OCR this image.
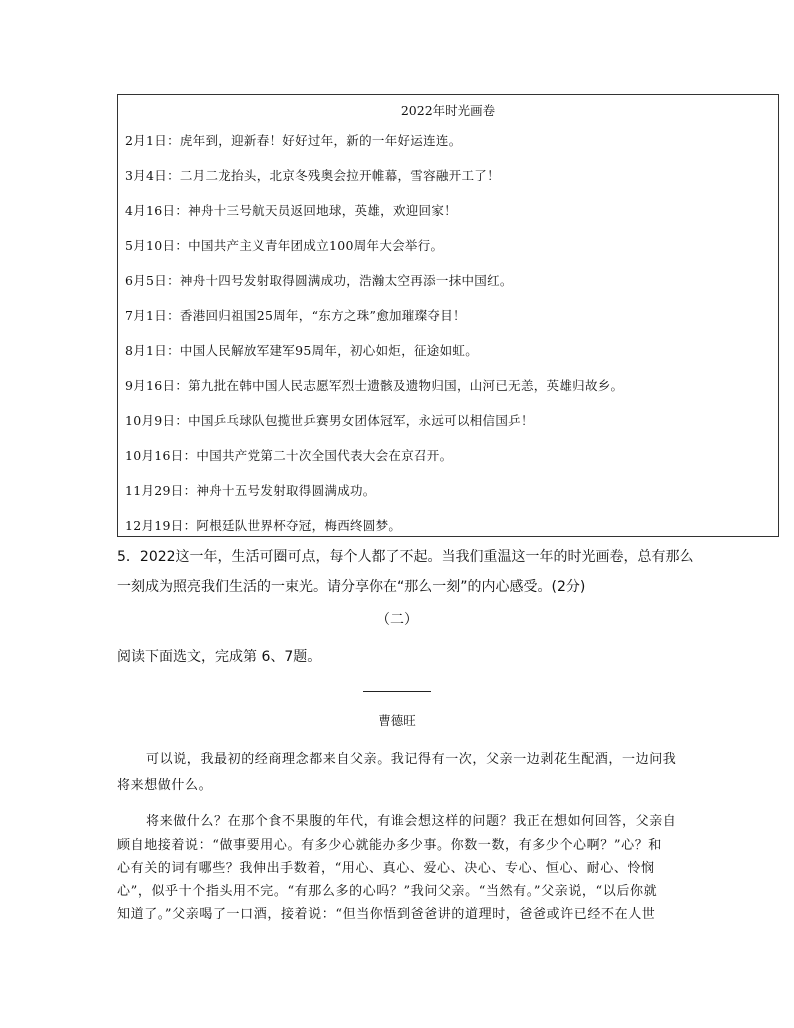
2022年时光画卷
2月1日：虎年到，迎新春！好好过年，新的一年好运连连。
3月4日：二月二龙抬头，北京冬残奥会拉开帷幕，雪容融开工了！
4月16日：神舟十三号航天员返回地球，英雄，欢迎回家！
5月10日：中国共产主义青年团成立100周年大会举行。
6月5日：神舟十四号发射取得圆满成功，浩瀚太空再添一抹中国红。
7月1日：香港回归祖国25周年，“东方之珠”愈加璀璨夺目！
8月1日：中国人民解放军建军95周年，初心如炬，征途如虹。
9月16日：第九批在韩中国人民志愿军烈士遗骸及遗物归国，山河已无恙，英雄归故乡。
10月9日：中国乒乓球队包揽世乒赛男女团体冠军，永远可以相信国乒！
10月16日：中国共产党第二十次全国代表大会在京召开。
11月29日：神舟十五号发射取得圆满成功。
12月19日：阿根廷队世界杯夺冠，梅西终圆梦。
5．2022这一年，生活可圈可点，每个人都了不起。当我们重温这一年的时光画卷，总有那么
一刻成为照亮我们生活的一束光。请分享你在“那么一刻”的内心感受。(2分)
（二）
阅读下面选文，完成第 6、7题。
曹德旺
可以说，我最初的经商理念都来自父亲。我记得有一次，父亲一边剥花生配酒，一边问我
将来想做什么。
将来做什么？在那个食不果腹的年代，有谁会想这样的问题？我正在想如何回答，父亲自
顾自地接着说：“做事要用心。有多少心就能办多少事。你数一数，有多少个心啊？”心？和
心有关的词有哪些？我伸出手数着，“用心、真心、爱心、决心、专心、恒心、耐心、怜悯
心”，似乎十个指头用不完。“有那么多的心吗？”我问父亲。“当然有。”父亲说，“以后你就
知道了。”父亲喝了一口酒，接着说：“但当你悟到爸爸讲的道理时，爸爸或许已经不在人世
